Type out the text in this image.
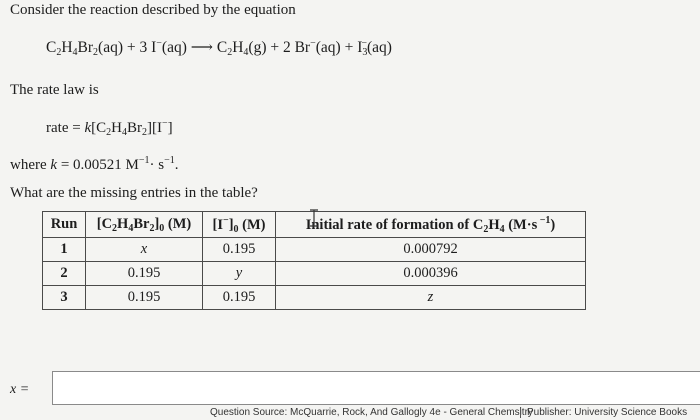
Consider the reaction described by the equation
$C_2H_4Br_2(aq) + 3$ I−(aq) ⟶ $C_2H_4(g) + 2$ $Br^-(aq) + I_3^-(aq)$
The rate law is
rate = $k[C_2H_4Br_2][I^-]$
where k = 0.00521 $M^{-1}\cdot s^{-1}$.
What are the missing entries in the table?
Run	$[C_2H_4Br_2]_0$ (M)	$[I^-]_0$ (M)	Initial rate of formation of $C_2H_4$ (M·s $^{-1}$)
1	x	0.195	0.000792
2	0.195	y	0.000396
3	0.195	0.195	z
x =
Question Source: McQuarrie, Rock, And Gallogly 4e - General Chemsitry
Publisher: University Science Books
